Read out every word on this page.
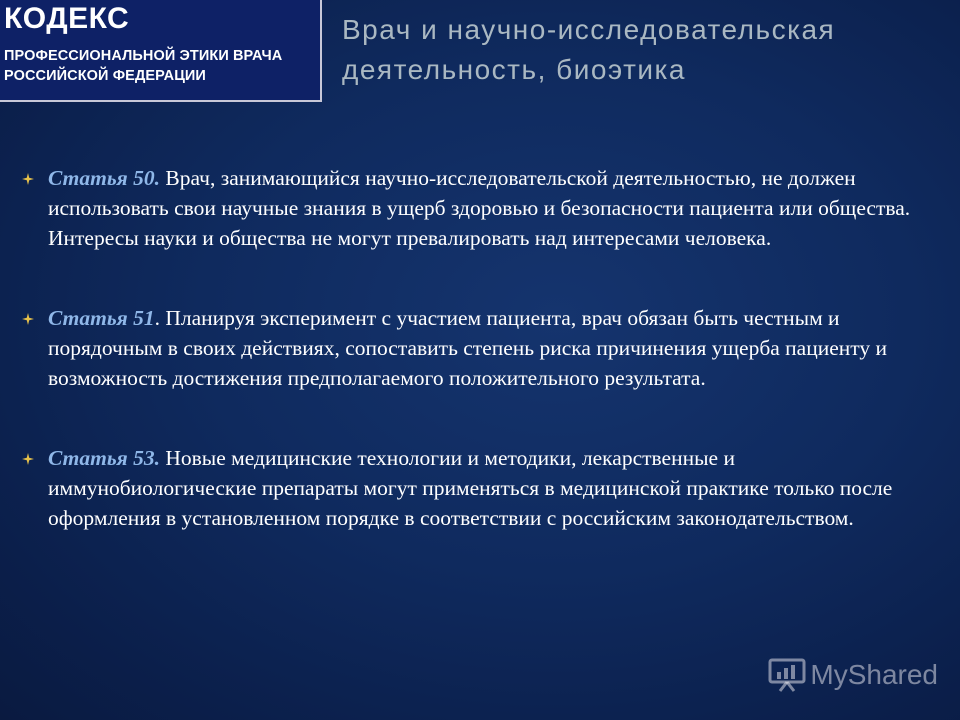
КОДЕКС
ПРОФЕССИОНАЛЬНОЙ ЭТИКИ ВРАЧА
РОССИЙСКОЙ ФЕДЕРАЦИИ
Врач и научно-исследовательская
деятельность, биоэтика
Статья 50. Врач, занимающийся научно-исследовательской деятельностью, не должен использовать свои научные знания в ущерб здоровью и безопасности пациента или общества. Интересы науки и общества не могут превалировать над интересами человека.
Статья 51. Планируя эксперимент с участием пациента, врач обязан быть честным и порядочным в своих действиях, сопоставить степень риска причинения ущерба пациенту и возможность достижения предполагаемого положительного результата.
Статья 53. Новые медицинские технологии и методики, лекарственные и иммунобиологические препараты могут применяться в медицинской практике только после оформления в установленном порядке в соответствии с российским законодательством.
MyShared
